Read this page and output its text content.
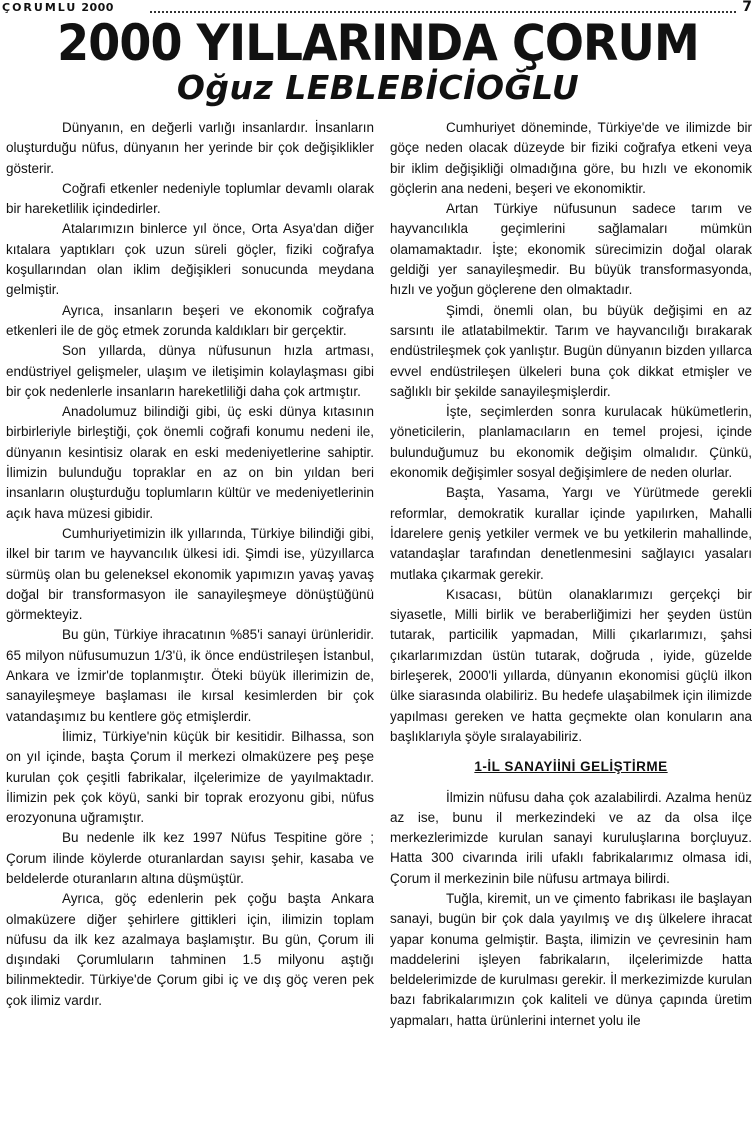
ÇORUMLU 2000	7
2000 YILLARINDA ÇORUM
Oğuz LEBLEBİCİOĞLU

Dünyanın, en değerli varlığı insanlardır. İnsanların oluşturduğu nüfus, dünyanın her yerinde bir çok değişiklikler gösterir.

Coğrafi etkenler nedeniyle toplumlar devamlı olarak bir hareketlilik içindedirler.

Atalarımızın binlerce yıl önce, Orta Asya'dan diğer kıtalara yaptıkları çok uzun süreli göçler, fiziki coğrafya koşullarından olan iklim değişikleri sonucunda meydana gelmiştir.

Ayrıca, insanların beşeri ve ekonomik coğrafya etkenleri ile de göç etmek zorunda kaldıkları bir gerçektir.

Son yıllarda, dünya nüfusunun hızla artması, endüstriyel gelişmeler, ulaşım ve iletişimin kolaylaşması gibi bir çok nedenlerle insanların hareketliliği daha çok artmıştır.

Anadolumuz bilindiği gibi, üç eski dünya kıtasının birbirleriyle birleştiği, çok önemli coğrafi konumu nedeni ile, dünyanın kesintisiz olarak en eski medeniyetlerine sahiptir. İlimizin bulunduğu topraklar en az on bin yıldan beri insanların oluşturduğu toplumların kültür ve medeniyetlerinin açık hava müzesi gibidir.

Cumhuriyetimizin ilk yıllarında, Türkiye bilindiği gibi, ilkel bir tarım ve hayvancılık ülkesi idi. Şimdi ise, yüzyıllarca sürmüş olan bu geleneksel ekonomik yapımızın yavaş yavaş doğal bir transformasyon ile sanayileşmeye dönüştüğünü görmekteyiz.

Bu gün, Türkiye ihracatının %85'i sanayi ürünleridir. 65 milyon nüfusumuzun 1/3'ü, ik önce endüstrileşen İstanbul, Ankara ve İzmir'de toplanmıştır. Öteki büyük illerimizin de, sanayileşmeye başlaması ile kırsal kesimlerden bir çok vatandaşımız bu kentlere göç etmişlerdir.

İlimiz, Türkiye'nin küçük bir kesitidir. Bilhassa, son on yıl içinde, başta Çorum il merkezi olmaküzere peş peşe kurulan çok çeşitli fabrikalar, ilçelerimize de yayılmaktadır. İlimizin pek çok köyü, sanki bir toprak erozyonu gibi, nüfus erozyonuna uğramıştır.

Bu nedenle ilk kez 1997 Nüfus Tespitine göre ; Çorum ilinde köylerde oturanlardan sayısı şehir, kasaba ve beldelerde oturanların altına düşmüştür.

Ayrıca, göç edenlerin pek çoğu başta Ankara olmaküzere diğer şehirlere gittikleri için, ilimizin toplam nüfusu da ilk kez azalmaya başlamıştır. Bu gün, Çorum ili dışındaki Çorumluların tahminen 1.5 milyonu aştığı bilinmektedir. Türkiye'de Çorum gibi iç ve dış göç veren pek çok ilimiz vardır.

Cumhuriyet döneminde, Türkiye'de ve ilimizde bir göçe neden olacak düzeyde bir fiziki coğrafya etkeni veya bir iklim değişikliği olmadığına göre, bu hızlı ve ekonomik göçlerin ana nedeni, beşeri ve ekonomiktir.

Artan Türkiye nüfusunun sadece tarım ve hayvancılıkla geçimlerini sağlamaları mümkün olamamaktadır. İşte; ekonomik sürecimizin doğal olarak geldiği yer sanayileşmedir. Bu büyük transformasyonda, hızlı ve yoğun göçlerene den olmaktadır.

Şimdi, önemli olan, bu büyük değişimi en az sarsıntı ile atlatabilmektir. Tarım ve hayvancılığı bırakarak endüstrileşmek çok yanlıştır. Bugün dünyanın bizden yıllarca evvel endüstrileşen ülkeleri buna çok dikkat etmişler ve sağlıklı bir şekilde sanayileşmişlerdir.

İşte, seçimlerden sonra kurulacak hükümetlerin, yöneticilerin, planlamacıların en temel projesi, içinde bulunduğumuz bu ekonomik değişim olmalıdır. Çünkü, ekonomik değişimler sosyal değişimlere de neden olurlar.

Başta, Yasama, Yargı ve Yürütmede gerekli reformlar, demokratik kurallar içinde yapılırken, Mahalli İdarelere geniş yetkiler vermek ve bu yetkilerin mahallinde, vatandaşlar tarafından denetlenmesini sağlayıcı yasaları mutlaka çıkarmak gerekir.

Kısacası, bütün olanaklarımızı gerçekçi bir siyasetle, Milli birlik ve beraberliğimizi her şeyden üstün tutarak, particilik yapmadan, Milli çıkarlarımızı, şahsi çıkarlarımızdan üstün tutarak, doğruda , iyide, güzelde birleşerek, 2000'li yıllarda, dünyanın ekonomisi güçlü ilkon ülke siarasında olabiliriz. Bu hedefe ulaşabilmek için ilimizde yapılması gereken ve hatta geçmekte olan konuların ana başlıklarıyla şöyle sıralayabiliriz.

1-İL SANAYİİNİ GELİŞTİRME

İlmizin nüfusu daha çok azalabilirdi. Azalma henüz az ise, bunu il merkezindeki ve az da olsa ilçe merkezlerimizde kurulan sanayi kuruluşlarına borçluyuz. Hatta 300 civarında irili ufaklı fabrikalarımız olmasa idi, Çorum il merkezinin bile nüfusu artmaya bilirdi.

Tuğla, kiremit, un ve çimento fabrikası ile başlayan sanayi, bugün bir çok dala yayılmış ve dış ülkelere ihracat yapar konuma gelmiştir. Başta, ilimizin ve çevresinin ham maddelerini işleyen fabrikaların, ilçelerimizde hatta beldelerimizde de kurulması gerekir. İl merkezimizde kurulan bazı fabrikalarımızın çok kaliteli ve dünya çapında üretim yapmaları, hatta ürünlerini internet yolu ile
